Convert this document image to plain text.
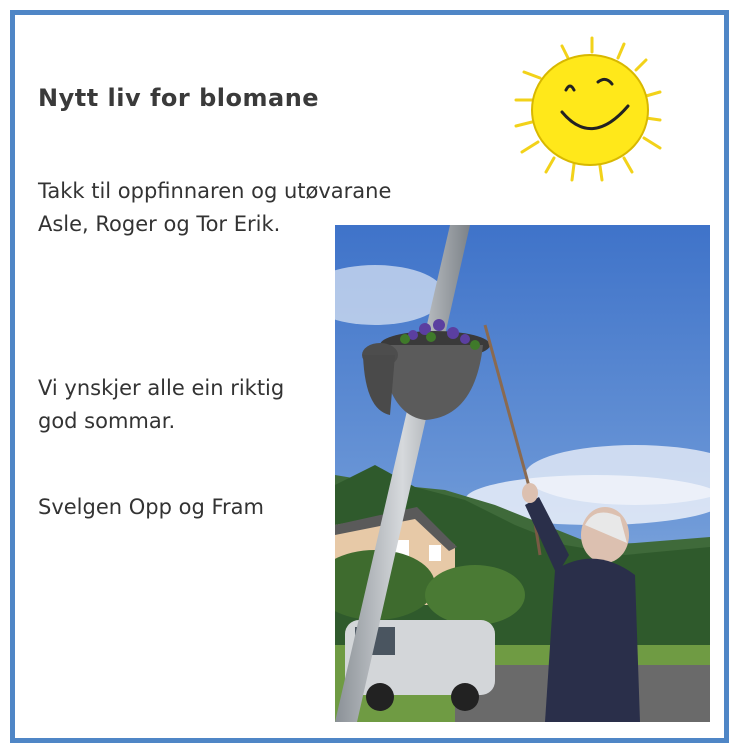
Nytt liv for blomane
Takk til oppfinnaren og utøvarane
Asle, Roger og Tor Erik.
Vi ynskjer alle ein riktig
god sommar.
Svelgen Opp og Fram
